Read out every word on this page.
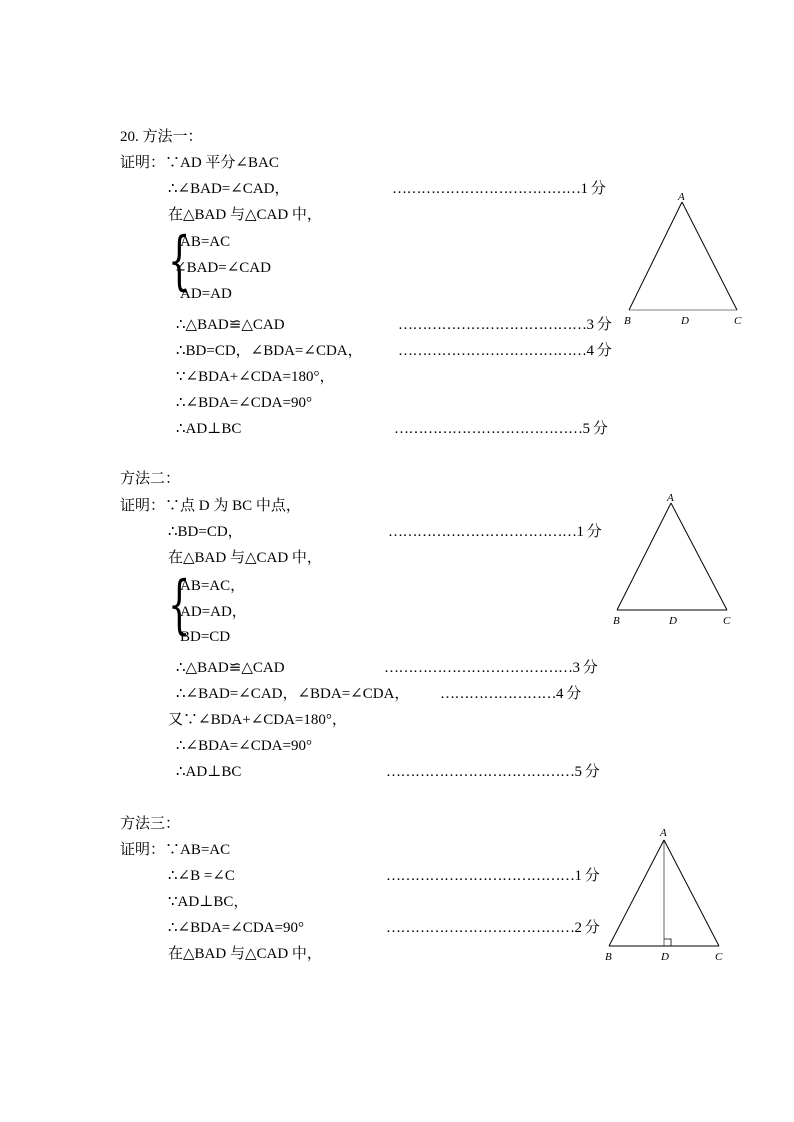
20. 方法一：
证明：∵AD 平分∠BAC
∴∠BAD=∠CAD，	…………………………………1 分
在△BAD 与△CAD 中，
{
AB=AC
∠BAD=∠CAD
AD=AD
∴△BAD≌△CAD	…………………………………3 分
∴BD=CD，∠BDA=∠CDA， …………………………………4 分
∵∠BDA+∠CDA=180°，
∴∠BDA=∠CDA=90°
∴AD⊥BC	…………………………………5 分
A
B	D	C
方法二：
证明：∵点 D 为 BC 中点，
∴BD=CD，	…………………………………1 分
在△BAD 与△CAD 中，
{
AB=AC，
AD=AD，
BD=CD
∴△BAD≌△CAD	…………………………………3 分
∴∠BAD=∠CAD，∠BDA=∠CDA， ……………………4 分
又∵∠BDA+∠CDA=180°，
∴∠BDA=∠CDA=90°
∴AD⊥BC	…………………………………5 分
A
B	D	C
方法三：
证明：∵AB=AC
∴∠B =∠C	…………………………………1 分
∵AD⊥BC，
∴∠BDA=∠CDA=90°	…………………………………2 分
在△BAD 与△CAD 中，
A
B	D	C
